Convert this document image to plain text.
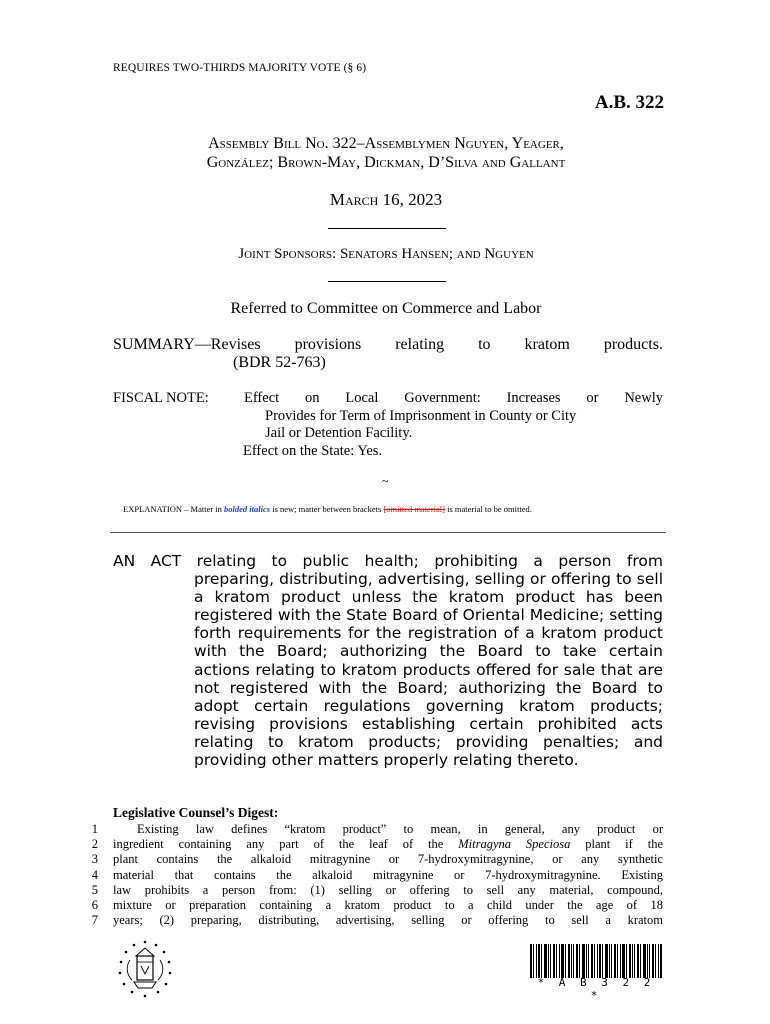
REQUIRES TWO-THIRDS MAJORITY VOTE (§ 6)
A.B. 322
Assembly Bill No. 322–Assemblymen Nguyen, Yeager,
González; Brown-May, Dickman, D’Silva and Gallant
March 16, 2023
Joint Sponsors: Senators Hansen; and Nguyen
Referred to Committee on Commerce and Labor
SUMMARY—Revises provisions relating to kratom products.
(BDR 52-763)
FISCAL NOTE:	Effect on Local Government: Increases or Newly
Provides for Term of Imprisonment in County or City
Jail or Detention Facility.
Effect on the State: Yes.
~
EXPLANATION – Matter in bolded italics is new; matter between brackets [omitted material] is material to be omitted.
AN ACT relating to public health; prohibiting a person from
preparing, distributing, advertising, selling or offering to sell a kratom product unless the kratom product has been registered with the State Board of Oriental Medicine; setting forth requirements for the registration of a kratom product with the Board; authorizing the Board to take certain actions relating to kratom products offered for sale that are not registered with the Board; authorizing the Board to adopt certain regulations governing kratom products; revising provisions establishing certain prohibited acts relating to kratom products; providing penalties; and providing other matters properly relating thereto.
Legislative Counsel’s Digest:
1
2
3
4
5
6
7
Existing law defines “kratom product” to mean, in general, any product or
ingredient containing any part of the leaf of the Mitragyna Speciosa plant if the
plant contains the alkaloid mitragynine or 7-hydroxymitragynine, or any synthetic
material that contains the alkaloid mitragynine or 7-hydroxymitragynine. Existing
law prohibits a person from: (1) selling or offering to sell any material, compound,
mixture or preparation containing a kratom product to a child under the age of 18
years; (2) preparing, distributing, advertising, selling or offering to sell a kratom
* A B 3 2 2 *
